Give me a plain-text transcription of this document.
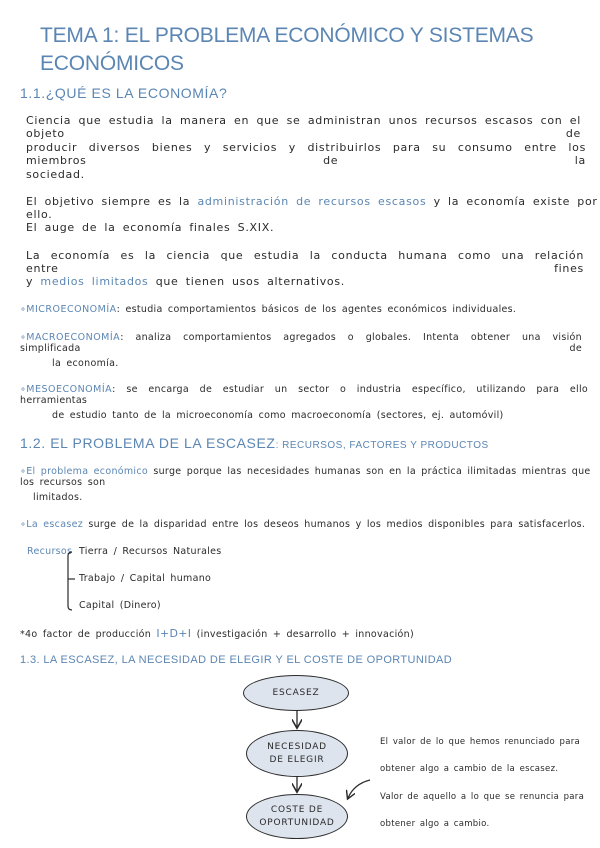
TEMA 1: EL PROBLEMA ECONÓMICO Y SISTEMAS ECONÓMICOS
1.1.¿QUÉ ES LA ECONOMÍA?
Ciencia que estudia la manera en que se administran unos recursos escasos con el objeto de
producir diversos bienes y servicios y distribuirlos para su consumo entre los miembros de la
sociedad.
El objetivo siempre es la administración de recursos escasos y la economía existe por ello.
El auge de la economía finales S.XIX.
La economía es la ciencia que estudia la conducta humana como una relación entre fines
y medios limitados que tienen usos alternativos.
∘MICROECONOMÍA: estudia comportamientos básicos de los agentes económicos individuales.
∘MACROECONOMÍA: analiza comportamientos agregados o globales. Intenta obtener una visión simplificada de
la economía.
∘MESOECONOMÍA: se encarga de estudiar un sector o industria específico, utilizando para ello herramientas
de estudio tanto de la microeconomía como macroeconomía (sectores, ej. automóvil)
1.2. EL PROBLEMA DE LA ESCASEZ: RECURSOS, FACTORES Y PRODUCTOS
∘El problema económico surge porque las necesidades humanas son en la práctica ilimitadas mientras que los recursos son
limitados.
∘La escasez surge de la disparidad entre los deseos humanos y los medios disponibles para satisfacerlos.
Recursos Tierra / Recursos Naturales
Trabajo / Capital humano
Capital (Dinero)
*4o factor de producción I+D+I (investigación + desarrollo + innovación)
1.3. LA ESCASEZ, LA NECESIDAD DE ELEGIR Y EL COSTE DE OPORTUNIDAD
ESCASEZ
NECESIDAD
DE ELEGIR
COSTE DE
OPORTUNIDAD
El valor de lo que hemos renunciado para
obtener algo a cambio de la escasez.
Valor de aquello a lo que se renuncia para
obtener algo a cambio.
